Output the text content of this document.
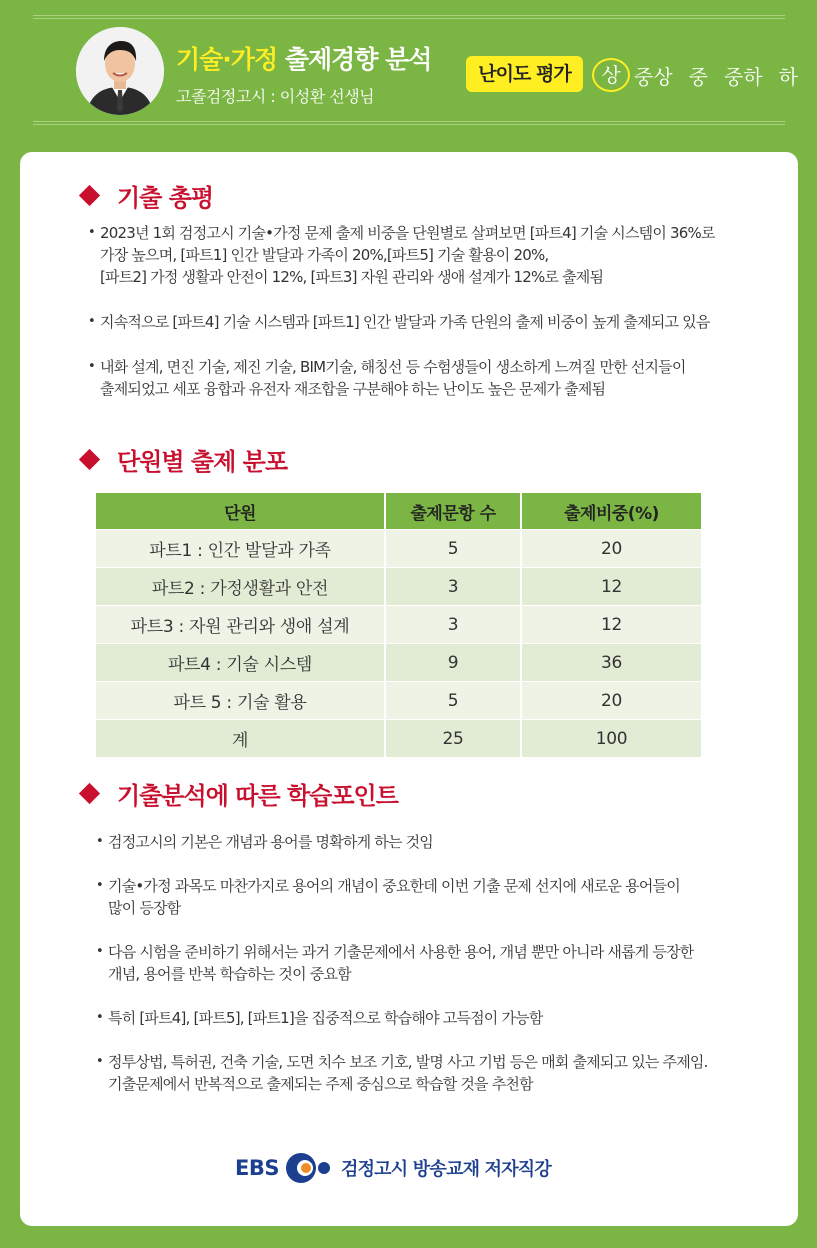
기술·가정 출제경향 분석
고졸검정고시 : 이성환 선생님
난이도 평가	상 중상 중 중하 하
기출 총평
• 2023년 1회 검정고시 기술•가정 문제 출제 비중을 단원별로 살펴보면 [파트4] 기술 시스템이 36%로
가장 높으며, [파트1] 인간 발달과 가족이 20%,[파트5] 기술 활용이 20%,
[파트2] 가정 생활과 안전이 12%, [파트3] 자원 관리와 생애 설계가 12%로 출제됨
• 지속적으로 [파트4] 기술 시스템과 [파트1] 인간 발달과 가족 단원의 출제 비중이 높게 출제되고 있음
• 내화 설계, 면진 기술, 제진 기술, BIM기술, 해칭선 등 수험생들이 생소하게 느껴질 만한 선지들이
출제되었고 세포 융합과 유전자 재조합을 구분해야 하는 난이도 높은 문제가 출제됨
단원별 출제 분포
단원	출제문항 수	출제비중(%)
파트1 : 인간 발달과 가족	5	20
파트2 : 가정생활과 안전	3	12
파트3 : 자원 관리와 생애 설계	3	12
파트4 : 기술 시스템	9	36
파트 5 : 기술 활용	5	20
계	25	100
기출분석에 따른 학습포인트
• 검정고시의 기본은 개념과 용어를 명확하게 하는 것임
• 기술•가정 과목도 마찬가지로 용어의 개념이 중요한데 이번 기출 문제 선지에 새로운 용어들이
많이 등장함
• 다음 시험을 준비하기 위해서는 과거 기출문제에서 사용한 용어, 개념 뿐만 아니라 새롭게 등장한
개념, 용어를 반복 학습하는 것이 중요함
• 특히 [파트4], [파트5], [파트1]을 집중적으로 학습해야 고득점이 가능함
• 정투상법, 특허권, 건축 기술, 도면 치수 보조 기호, 발명 사고 기법 등은 매회 출제되고 있는 주제임.
기출문제에서 반복적으로 출제되는 주제 중심으로 학습할 것을 추천함
EBS	검정고시 방송교재 저자직강
